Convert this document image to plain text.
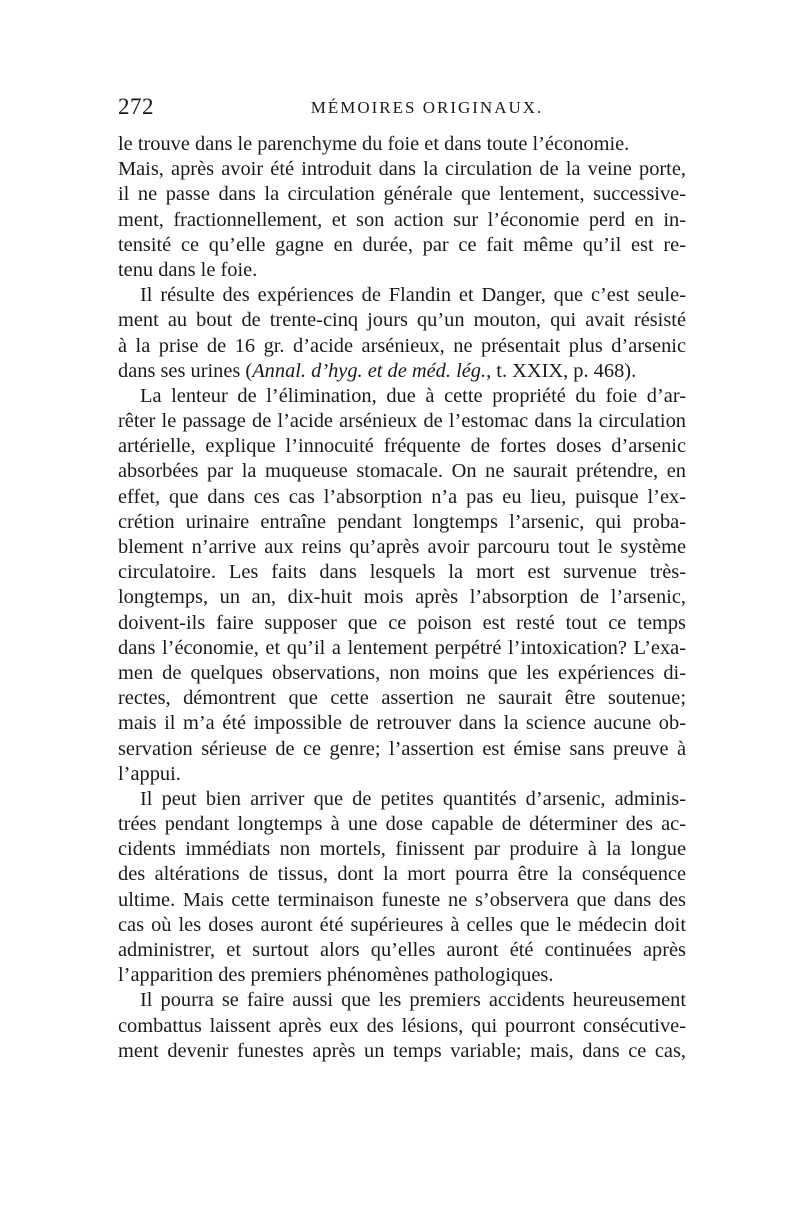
272	MÉMOIRES ORIGINAUX.
le trouve dans le parenchyme du foie et dans toute l’économie.
Mais, après avoir été introduit dans la circulation de la veine porte,
il ne passe dans la circulation générale que lentement, successive-
ment, fractionnellement, et son action sur l’économie perd en in-
tensité ce qu’elle gagne en durée, par ce fait même qu’il est re-
tenu dans le foie.
Il résulte des expériences de Flandin et Danger, que c’est seule-
ment au bout de trente-cinq jours qu’un mouton, qui avait résisté
à la prise de 16 gr. d’acide arsénieux, ne présentait plus d’arsenic
dans ses urines (Annal. d’hyg. et de méd. lég., t. XXIX, p. 468).
La lenteur de l’élimination, due à cette propriété du foie d’ar-
rêter le passage de l’acide arsénieux de l’estomac dans la circulation
artérielle, explique l’innocuité fréquente de fortes doses d’arsenic
absorbées par la muqueuse stomacale. On ne saurait prétendre, en
effet, que dans ces cas l’absorption n’a pas eu lieu, puisque l’ex-
crétion urinaire entraîne pendant longtemps l’arsenic, qui proba-
blement n’arrive aux reins qu’après avoir parcouru tout le système
circulatoire. Les faits dans lesquels la mort est survenue très-
longtemps, un an, dix-huit mois après l’absorption de l’arsenic,
doivent-ils faire supposer que ce poison est resté tout ce temps
dans l’économie, et qu’il a lentement perpétré l’intoxication? L’exa-
men de quelques observations, non moins que les expériences di-
rectes, démontrent que cette assertion ne saurait être soutenue;
mais il m’a été impossible de retrouver dans la science aucune ob-
servation sérieuse de ce genre; l’assertion est émise sans preuve à
l’appui.
Il peut bien arriver que de petites quantités d’arsenic, adminis-
trées pendant longtemps à une dose capable de déterminer des ac-
cidents immédiats non mortels, finissent par produire à la longue
des altérations de tissus, dont la mort pourra être la conséquence
ultime. Mais cette terminaison funeste ne s’observera que dans des
cas où les doses auront été supérieures à celles que le médecin doit
administrer, et surtout alors qu’elles auront été continuées après
l’apparition des premiers phénomènes pathologiques.
Il pourra se faire aussi que les premiers accidents heureusement
combattus laissent après eux des lésions, qui pourront consécutive-
ment devenir funestes après un temps variable; mais, dans ce cas,
